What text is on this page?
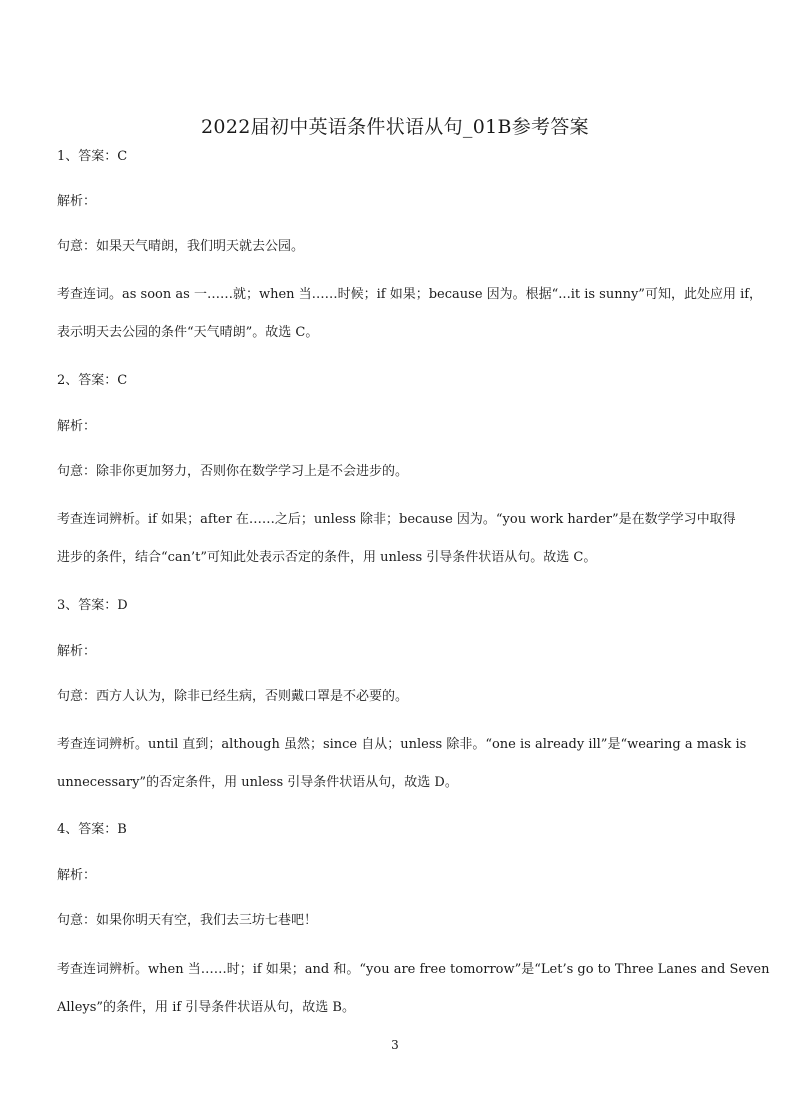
2022届初中英语条件状语从句_01B参考答案
1、答案：C
解析：
句意：如果天气晴朗，我们明天就去公园。
考查连词。as soon as 一……就；when 当……时候；if 如果；because 因为。根据“...it is sunny”可知，此处应用 if，
表示明天去公园的条件“天气晴朗”。故选 C。
2、答案：C
解析：
句意：除非你更加努力，否则你在数学学习上是不会进步的。
考查连词辨析。if 如果；after 在……之后；unless 除非；because 因为。“you work harder”是在数学学习中取得
进步的条件，结合“can’t”可知此处表示否定的条件，用 unless 引导条件状语从句。故选 C。
3、答案：D
解析：
句意：西方人认为，除非已经生病，否则戴口罩是不必要的。
考查连词辨析。until 直到；although 虽然；since 自从；unless 除非。“one is already ill”是“wearing a mask is
unnecessary”的否定条件，用 unless 引导条件状语从句，故选 D。
4、答案：B
解析：
句意：如果你明天有空，我们去三坊七巷吧！
考查连词辨析。when 当……时；if 如果；and 和。“you are free tomorrow”是“Let’s go to Three Lanes and Seven
Alleys”的条件，用 if 引导条件状语从句，故选 B。
3
